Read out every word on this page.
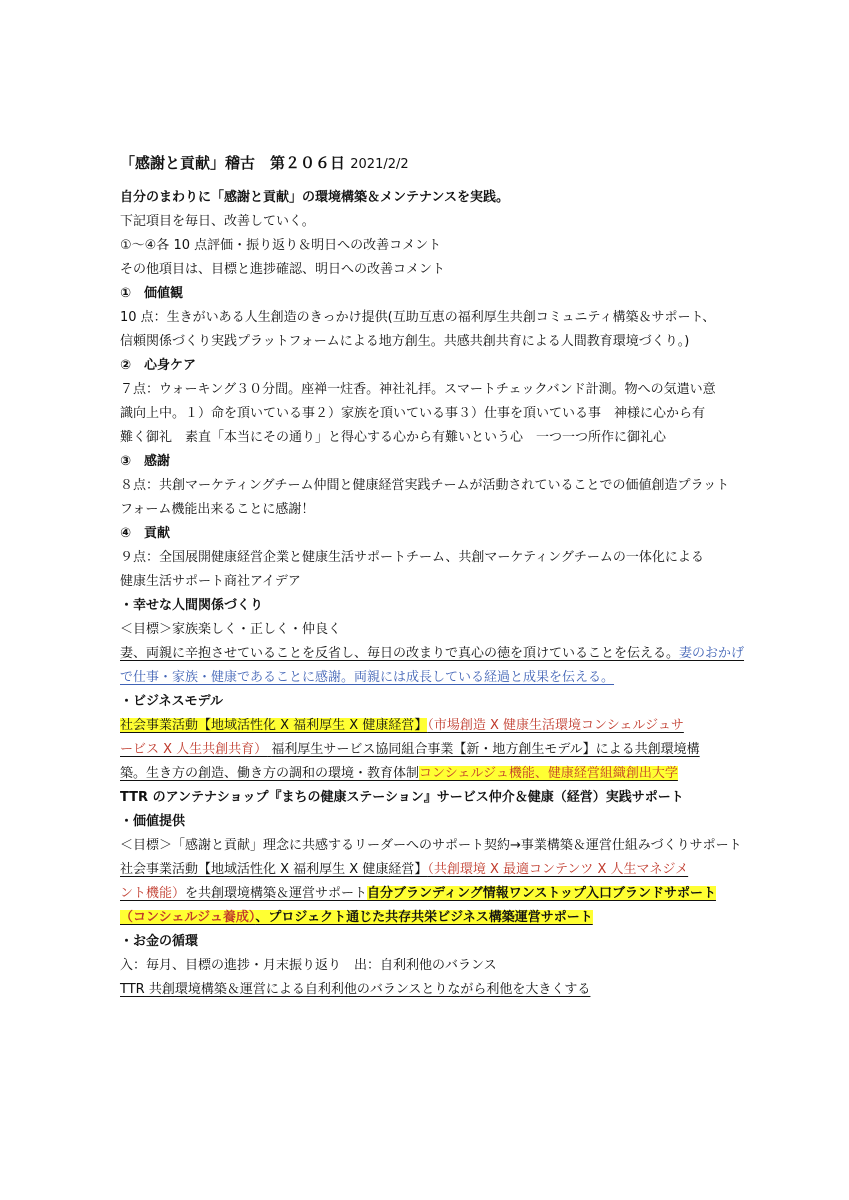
「感謝と貢献」稽古　第２０６日 2021/2/2

自分のまわりに「感謝と貢献」の環境構築＆メンテナンスを実践。

下記項目を毎日、改善していく。

①～④各 10 点評価・振り返り＆明日への改善コメント

その他項目は、目標と進捗確認、明日への改善コメント

①　価値観

10 点：生きがいある人生創造のきっかけ提供(互助互恵の福利厚生共創コミュニティ構築＆サポート、

信頼関係づくり実践プラットフォームによる地方創生。共感共創共育による人間教育環境づくり。)

②　心身ケア

７点：ウォーキング３０分間。座禅一炷香。神社礼拝。スマートチェックバンド計測。物への気遣い意

識向上中。１）命を頂いている事２）家族を頂いている事３）仕事を頂いている事　神様に心から有

難く御礼　素直「本当にその通り」と得心する心から有難いという心　一つ一つ所作に御礼心

③　感謝

８点：共創マーケティングチーム仲間と健康経営実践チームが活動されていることでの価値創造プラット

フォーム機能出来ることに感謝！

④　貢献

９点：全国展開健康経営企業と健康生活サポートチーム、共創マーケティングチームの一体化による

健康生活サポート商社アイデア

・幸せな人間関係づくり

＜目標＞家族楽しく・正しく・仲良く

妻、両親に辛抱させていることを反省し、毎日の改まりで真心の徳を頂けていることを伝える。妻のおかげ

で仕事・家族・健康であることに感謝。両親には成長している経過と成果を伝える。

・ビジネスモデル

社会事業活動【地域活性化 X 福利厚生 X 健康経営】（市場創造 X 健康生活環境コンシェルジュサ

ービス X 人生共創共育） 福利厚生サービス協同組合事業【新・地方創生モデル】による共創環境構

築。生き方の創造、働き方の調和の環境・教育体制コンシェルジュ機能、健康経営組織創出大学

TTR のアンテナショップ『まちの健康ステーション』サービス仲介＆健康（経営）実践サポート

・価値提供

＜目標＞「感謝と貢献」理念に共感するリーダーへのサポート契約→事業構築＆運営仕組みづくりサポート

社会事業活動【地域活性化 X 福利厚生 X 健康経営】（共創環境 X 最適コンテンツ X 人生マネジメ

ント機能）を共創環境構築＆運営サポート自分ブランディング情報ワンストップ入口ブランドサポート

（コンシェルジュ養成）、プロジェクト通じた共存共栄ビジネス構築運営サポート

・お金の循環

入：毎月、目標の進捗・月末振り返り　出：自利利他のバランス

TTR 共創環境構築＆運営による自利利他のバランスとりながら利他を大きくする
